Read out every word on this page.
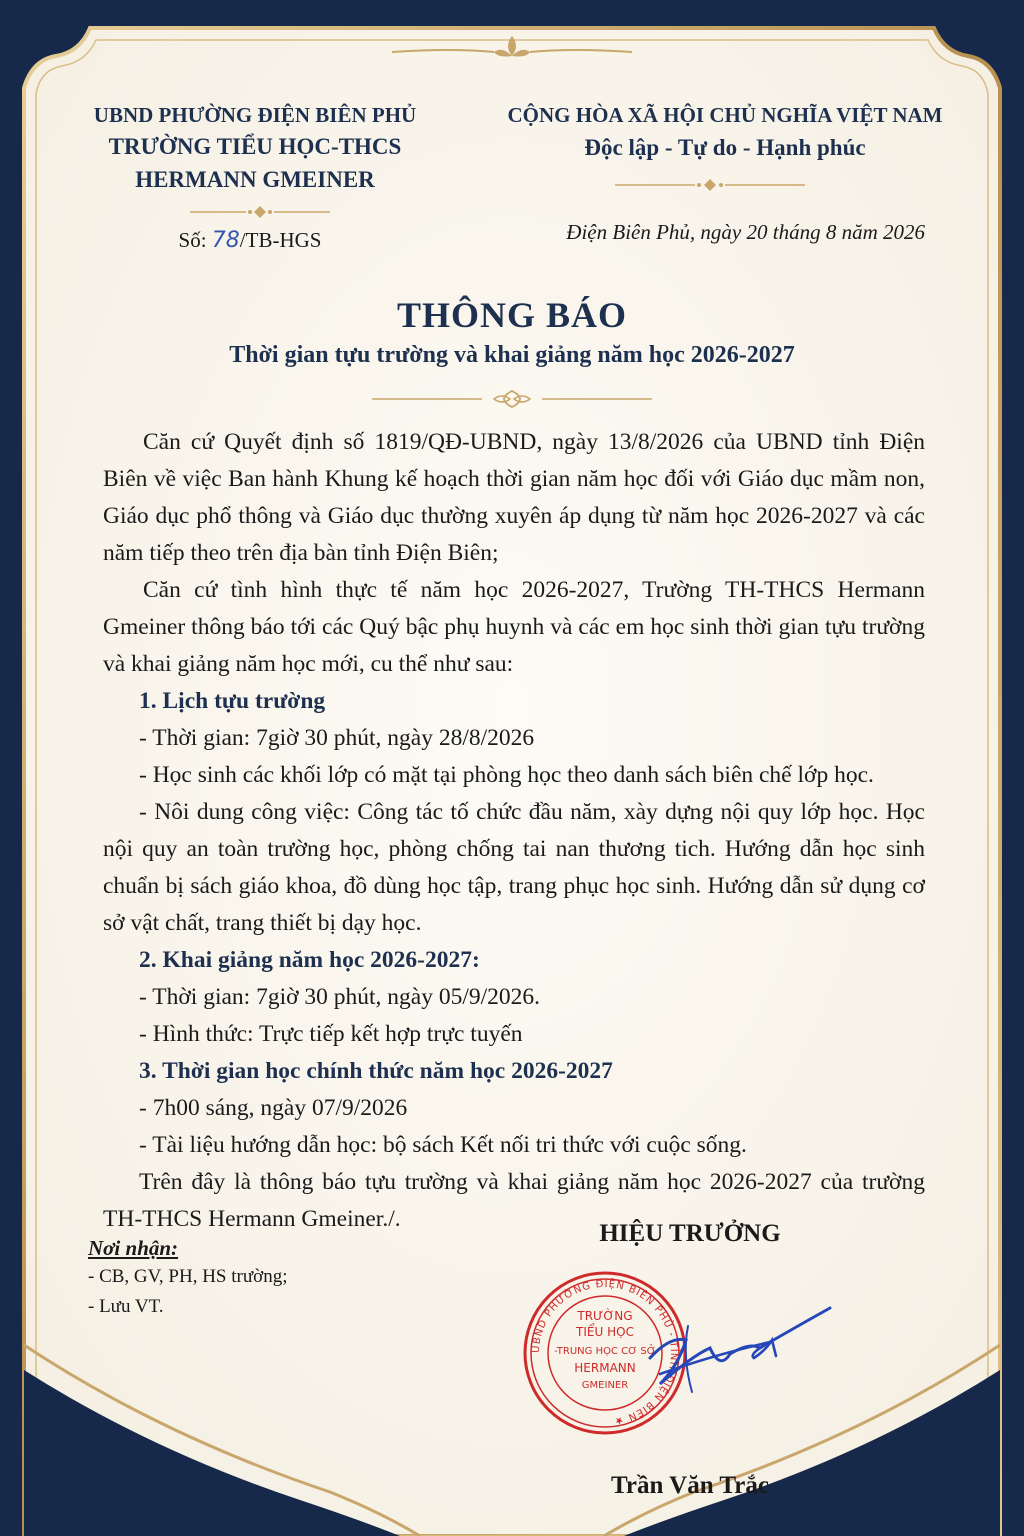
UBND PHƯỜNG ĐIỆN BIÊN PHỦ
TRƯỜNG TIỂU HỌC-THCS
HERMANN GMEINER
Số: 78/TB-HGS
CỘNG HÒA XÃ HỘI CHỦ NGHĨA VIỆT NAM
Độc lập - Tự do - Hạnh phúc
Điện Biên Phủ, ngày 20 tháng 8 năm 2026
THÔNG BÁO
Thời gian tựu trường và khai giảng năm học 2026-2027

Căn cứ Quyết định số 1819/QĐ-UBND, ngày 13/8/2026 của UBND tỉnh Điện Biên về việc Ban hành Khung kế hoạch thời gian năm học đối với Giáo dục mầm non, Giáo dục phổ thông và Giáo dục thường xuyên áp dụng từ năm học 2026-2027 và các năm tiếp theo trên địa bàn tỉnh Điện Biên;

Căn cứ tình hình thực tế năm học 2026-2027, Trường TH-THCS Hermann Gmeiner thông báo tới các Quý bậc phụ huynh và các em học sinh thời gian tựu trường và khai giảng năm học mới, cu thể như sau:

1. Lịch tựu trường

- Thời gian: 7giờ 30 phút, ngày 28/8/2026

- Học sinh các khối lớp có mặt tại phòng học theo danh sách biên chế lớp học.

- Nôi dung công việc: Công tác tố chức đầu năm, xày dựng nội quy lớp học. Học nội quy an toàn trường học, phòng chống tai nan thương tich. Hướng dẫn học sinh chuẩn bị sách giáo khoa, đồ dùng học tập, trang phục học sinh. Hướng dẫn sử dụng cơ sở vật chất, trang thiết bị dạy học.

2. Khai giảng năm học 2026-2027:

- Thời gian: 7giờ 30 phút, ngày 05/9/2026.

- Hình thức: Trực tiếp kết hợp trực tuyến

3. Thời gian học chính thức năm học 2026-2027

- 7h00 sáng, ngày 07/9/2026

- Tài liệu hướng dẫn học: bộ sách Kết nối tri thức với cuộc sống.

Trên đây là thông báo tựu trường và khai giảng năm học 2026-2027 của trường TH-THCS Hermann Gmeiner./.

Nơi nhận:
- CB, GV, PH, HS trường;
- Lưu VT.
HIỆU TRƯỞNG
UBND PHƯỜNG ĐIỆN BIÊN PHỦ - TỈNH ĐIỆN BIÊN ★
TRƯỜNG
TIỂU HỌC
-TRUNG HỌC CƠ SỞ
HERMANN
GMEINER
Trần Văn Trắc
